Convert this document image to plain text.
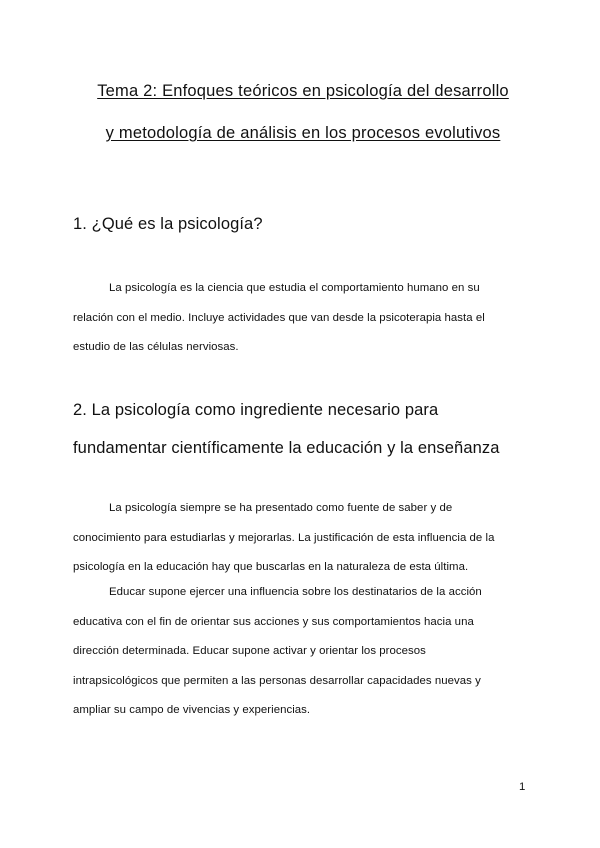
Tema 2: Enfoques teóricos en psicología del desarrollo
y metodología de análisis en los procesos evolutivos
1. ¿Qué es la psicología?

La psicología es la ciencia que estudia el comportamiento humano en su
relación con el medio. Incluye actividades que van desde la psicoterapia hasta el
estudio de las células nerviosas.

2. La psicología como ingrediente necesario para
fundamentar científicamente la educación y la enseñanza

La psicología siempre se ha presentado como fuente de saber y de
conocimiento para estudiarlas y mejorarlas. La justificación de esta influencia de la
psicología en la educación hay que buscarlas en la naturaleza de esta última.

Educar supone ejercer una influencia sobre los destinatarios de la acción
educativa con el fin de orientar sus acciones y sus comportamientos hacia una
dirección determinada. Educar supone activar y orientar los procesos
intrapsicológicos que permiten a las personas desarrollar capacidades nuevas y
ampliar su campo de vivencias y experiencias.

1
